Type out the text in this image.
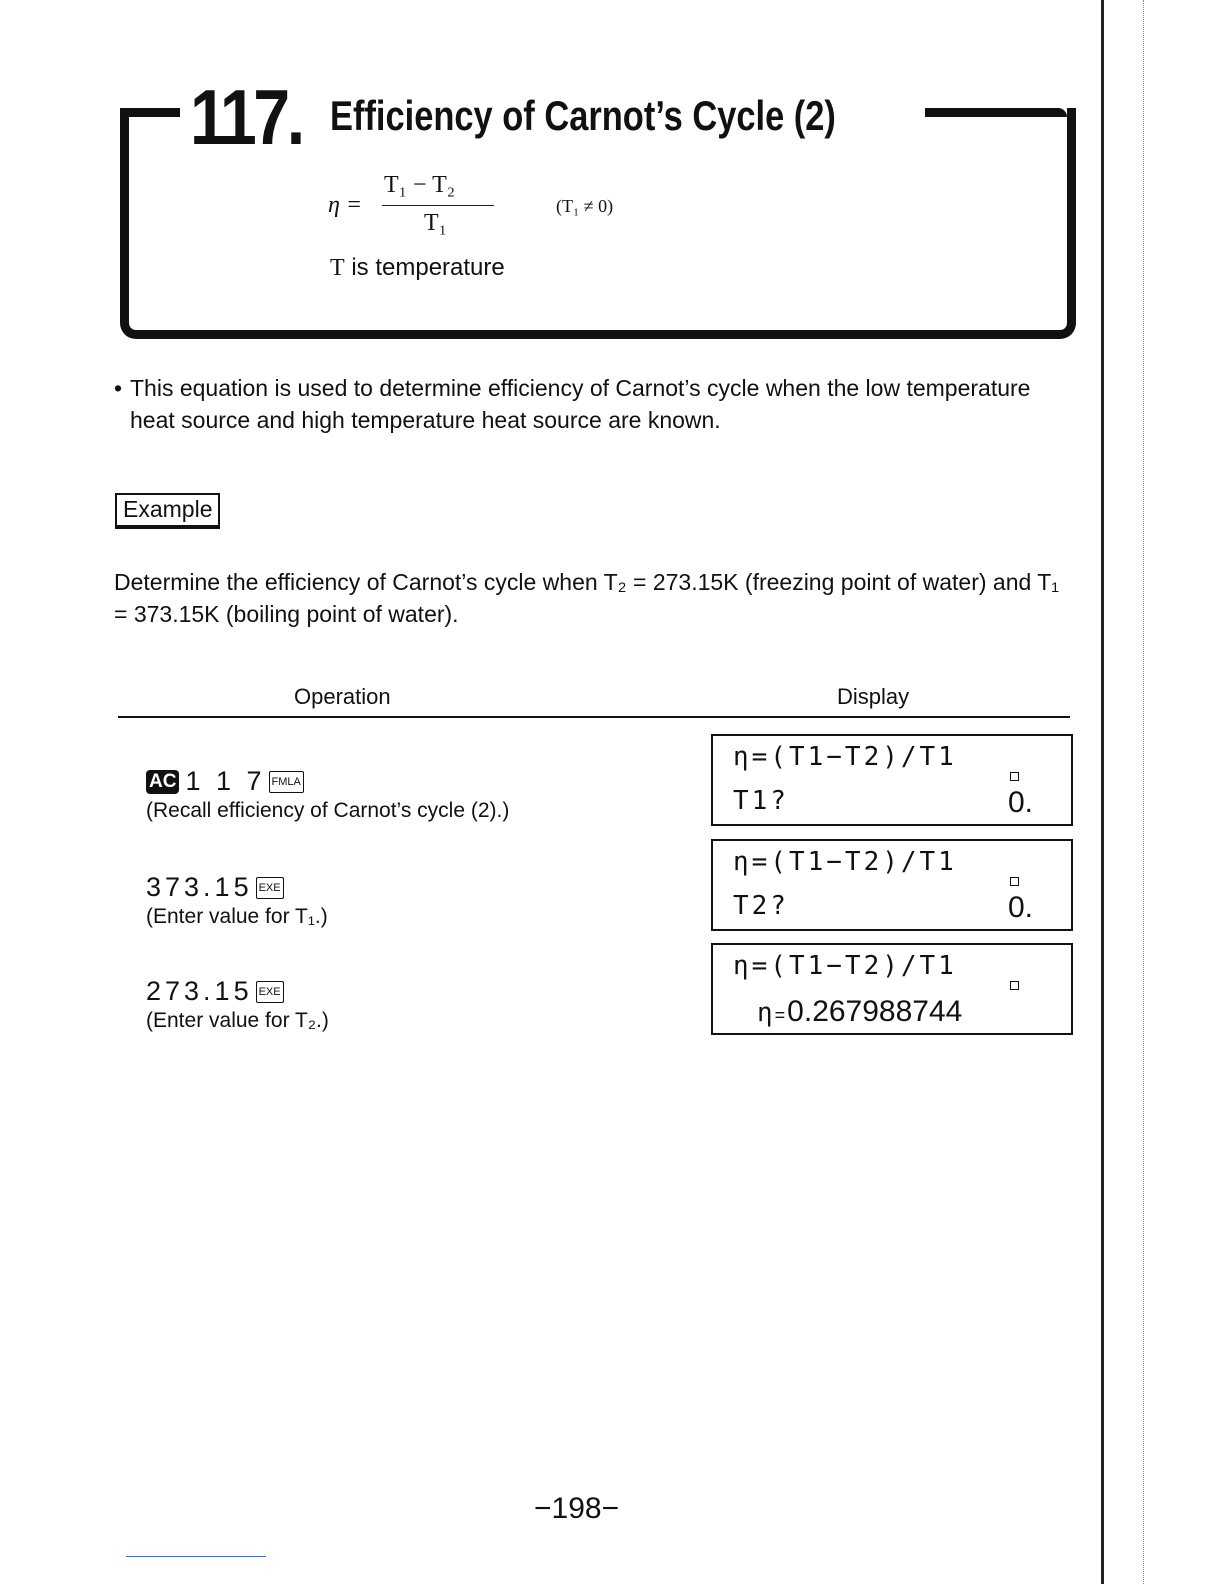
117. Efficiency of Carnot’s Cycle (2)
η =
T₁ − T₂
T₁
(T₁ ≠ 0)
T is temperature
• This equation is used to determine efficiency of Carnot’s cycle when the low temperature heat source and high temperature heat source are known.
Example
Determine the efficiency of Carnot’s cycle when T₂ = 273.15K (freezing point of water) and T₁ = 373.15K (boiling point of water).
Operation	Display
AC 1 1 7 FMLA
(Recall efficiency of Carnot’s cycle (2).)
η=(T1−T2)/T1
T1?	0.
373.15 EXE
(Enter value for T₁.)
η=(T1−T2)/T1
T2?	0.
273.15 EXE
(Enter value for T₂.)
η=(T1−T2)/T1
η =0.267988744
−198−
